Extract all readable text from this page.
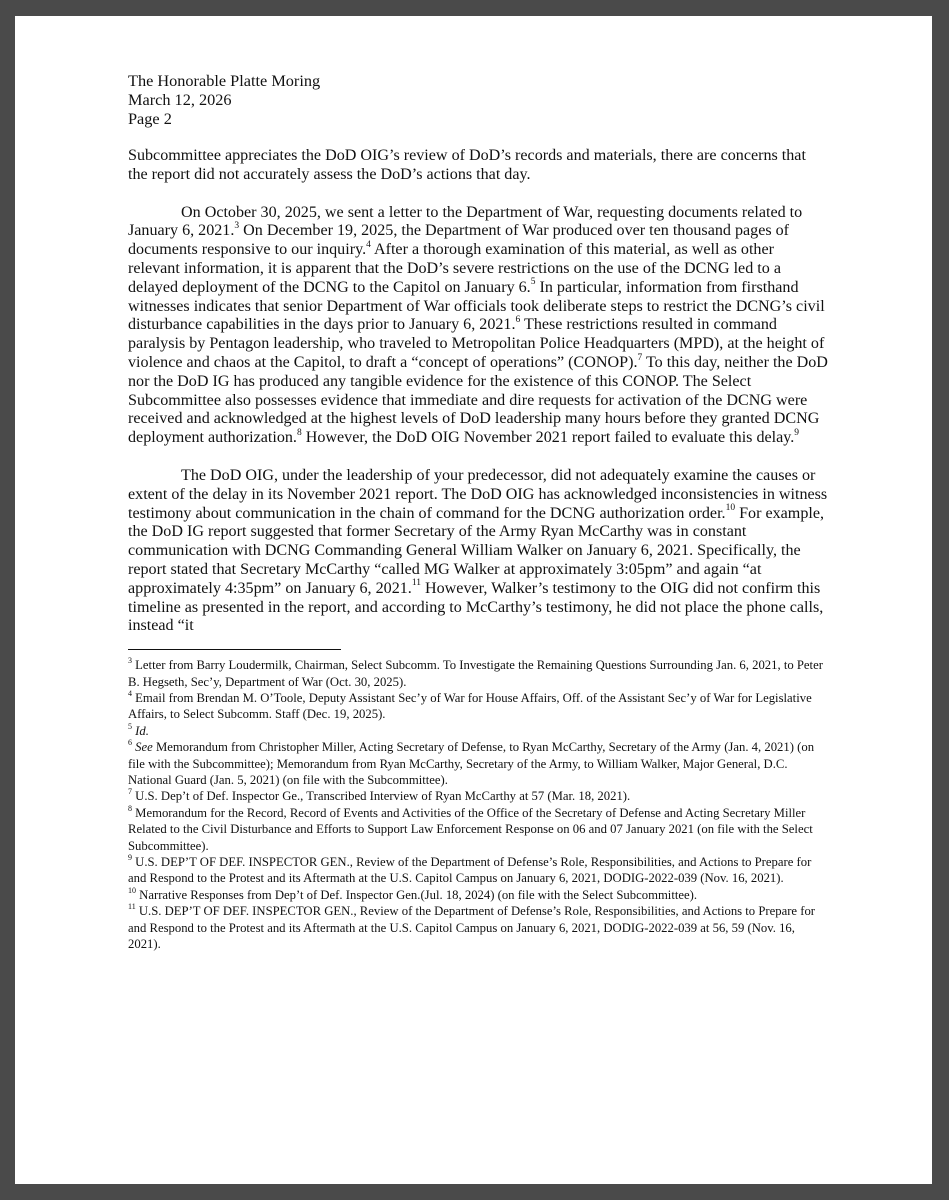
The Honorable Platte Moring
March 12, 2026
Page 2

Subcommittee appreciates the DoD OIG’s review of DoD’s records and materials, there are concerns that the report did not accurately assess the DoD’s actions that day.

On October 30, 2025, we sent a letter to the Department of War, requesting documents related to January 6, 2021.$^3$ On December 19, 2025, the Department of War produced over ten thousand pages of documents responsive to our inquiry.$^4$ After a thorough examination of this material, as well as other relevant information, it is apparent that the DoD’s severe restrictions on the use of the DCNG led to a delayed deployment of the DCNG to the Capitol on January 6.$^5$ In particular, information from firsthand witnesses indicates that senior Department of War officials took deliberate steps to restrict the DCNG’s civil disturbance capabilities in the days prior to January 6, 2021.$^6$ These restrictions resulted in command paralysis by Pentagon leadership, who traveled to Metropolitan Police Headquarters (MPD), at the height of violence and chaos at the Capitol, to draft a “concept of operations” (CONOP).$^7$ To this day, neither the DoD nor the DoD IG has produced any tangible evidence for the existence of this CONOP. The Select Subcommittee also possesses evidence that immediate and dire requests for activation of the DCNG were received and acknowledged at the highest levels of DoD leadership many hours before they granted DCNG deployment authorization.$^8$ However, the DoD OIG November 2021 report failed to evaluate this delay.$^9$

The DoD OIG, under the leadership of your predecessor, did not adequately examine the causes or extent of the delay in its November 2021 report. The DoD OIG has acknowledged inconsistencies in witness testimony about communication in the chain of command for the DCNG authorization order.$^{10}$ For example, the DoD IG report suggested that former Secretary of the Army Ryan McCarthy was in constant communication with DCNG Commanding General William Walker on January 6, 2021. Specifically, the report stated that Secretary McCarthy “called MG Walker at approximately 3:05pm” and again “at approximately 4:35pm” on January 6, 2021.11 However, Walker’s testimony to the OIG did not confirm this timeline as presented in the report, and according to McCarthy’s testimony, he did not place the phone calls, instead “it

$^3$ Letter from Barry Loudermilk, Chairman, Select Subcomm. To Investigate the Remaining Questions Surrounding Jan. 6, 2021, to Peter B. Hegseth, Sec’y, Department of War (Oct. 30, 2025).

$^4$ Email from Brendan M. O’Toole, Deputy Assistant Sec’y of War for House Affairs, Off. of the Assistant Sec’y of War for Legislative Affairs, to Select Subcomm. Staff (Dec. 19, 2025).

$^5$ Id.

$^6$ See Memorandum from Christopher Miller, Acting Secretary of Defense, to Ryan McCarthy, Secretary of the Army (Jan. 4, 2021) (on file with the Subcommittee); Memorandum from Ryan McCarthy, Secretary of the Army, to William Walker, Major General, D.C. National Guard (Jan. 5, 2021) (on file with the Subcommittee).

$^7$ U.S. Dep’t of Def. Inspector Ge., Transcribed Interview of Ryan McCarthy at 57 (Mar. 18, 2021).

$^8$ Memorandum for the Record, Record of Events and Activities of the Office of the Secretary of Defense and Acting Secretary Miller Related to the Civil Disturbance and Efforts to Support Law Enforcement Response on 06 and 07 January 2021 (on file with the Select Subcommittee).

$^9$ U.S. DEP’T OF DEF. INSPECTOR GEN., Review of the Department of Defense’s Role, Responsibilities, and Actions to Prepare for and Respond to the Protest and its Aftermath at the U.S. Capitol Campus on January 6, 2021, DODIG-2022-039 (Nov. 16, 2021).

$^{10}$ Narrative Responses from Dep’t of Def. Inspector Gen.(Jul. 18, 2024) (on file with the Select Subcommittee).

$^{11}$ U.S. DEP’T OF DEF. INSPECTOR GEN., Review of the Department of Defense’s Role, Responsibilities, and Actions to Prepare for and Respond to the Protest and its Aftermath at the U.S. Capitol Campus on January 6, 2021, DODIG-2022-039 at 56, 59 (Nov. 16, 2021).
